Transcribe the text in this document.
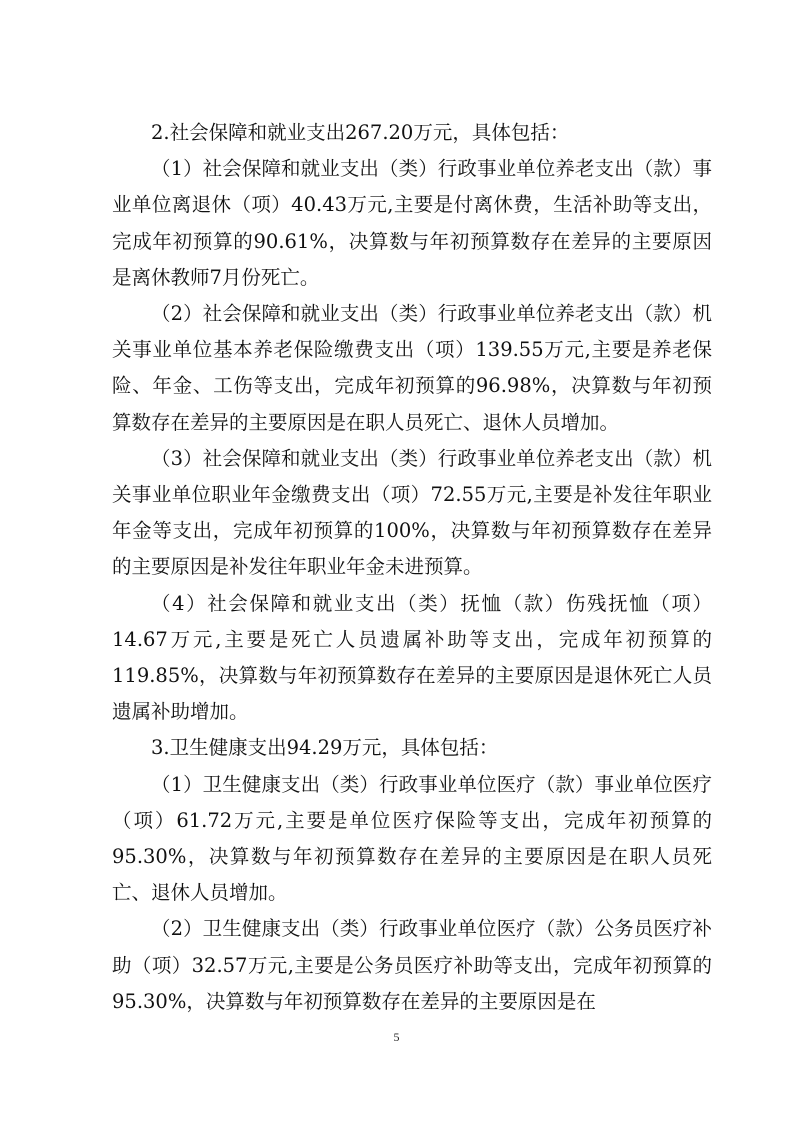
2.社会保障和就业支出267.20万元，具体包括：

（1）社会保障和就业支出（类）行政事业单位养老支出（款）事业单位离退休（项）40.43万元,主要是付离休费，生活补助等支出，完成年初预算的90.61%，决算数与年初预算数存在差异的主要原因是离休教师7月份死亡。

（2）社会保障和就业支出（类）行政事业单位养老支出（款）机关事业单位基本养老保险缴费支出（项）139.55万元,主要是养老保险、年金、工伤等支出，完成年初预算的96.98%，决算数与年初预算数存在差异的主要原因是在职人员死亡、退休人员增加。

（3）社会保障和就业支出（类）行政事业单位养老支出（款）机关事业单位职业年金缴费支出（项）72.55万元,主要是补发往年职业年金等支出，完成年初预算的100%，决算数与年初预算数存在差异的主要原因是补发往年职业年金未进预算。

（4）社会保障和就业支出（类）抚恤（款）伤残抚恤（项）14.67万元,主要是死亡人员遗属补助等支出，完成年初预算的119.85%，决算数与年初预算数存在差异的主要原因是退休死亡人员遗属补助增加。

3.卫生健康支出94.29万元，具体包括：

（1）卫生健康支出（类）行政事业单位医疗（款）事业单位医疗（项）61.72万元,主要是单位医疗保险等支出，完成年初预算的95.30%，决算数与年初预算数存在差异的主要原因是在职人员死亡、退休人员增加。

（2）卫生健康支出（类）行政事业单位医疗（款）公务员医疗补助（项）32.57万元,主要是公务员医疗补助等支出，完成年初预算的95.30%，决算数与年初预算数存在差异的主要原因是在

5
